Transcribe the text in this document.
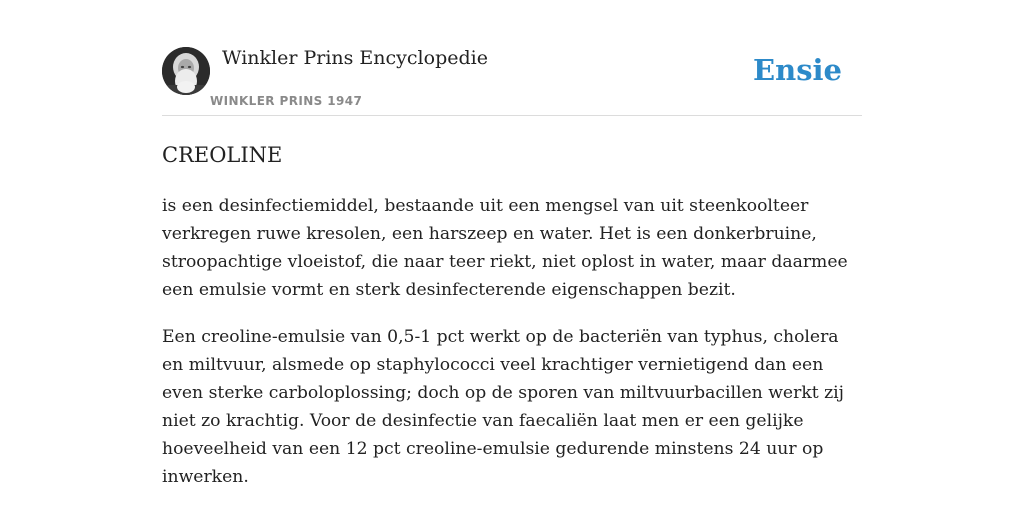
Winkler Prins Encyclopedie
WINKLER PRINS 1947
Ensie
CREOLINE

is een desinfectiemiddel, bestaande uit een mengsel van uit steenkoolteer verkregen ruwe kresolen, een harszeep en water. Het is een donkerbruine, stroopachtige vloeistof, die naar teer riekt, niet oplost in water, maar daarmee een emulsie vormt en sterk desinfecterende eigenschappen bezit.

Een creoline-emulsie van 0,5-1 pct werkt op de bacteriën van typhus, cholera en miltvuur, alsmede op staphylococci veel krachtiger vernietigend dan een even sterke carboloplossing; doch op de sporen van miltvuurbacillen werkt zij niet zo krachtig. Voor de desinfectie van faecaliën laat men er een gelijke hoeveelheid van een 12 pct creoline-emulsie gedurende minstens 24 uur op inwerken.
